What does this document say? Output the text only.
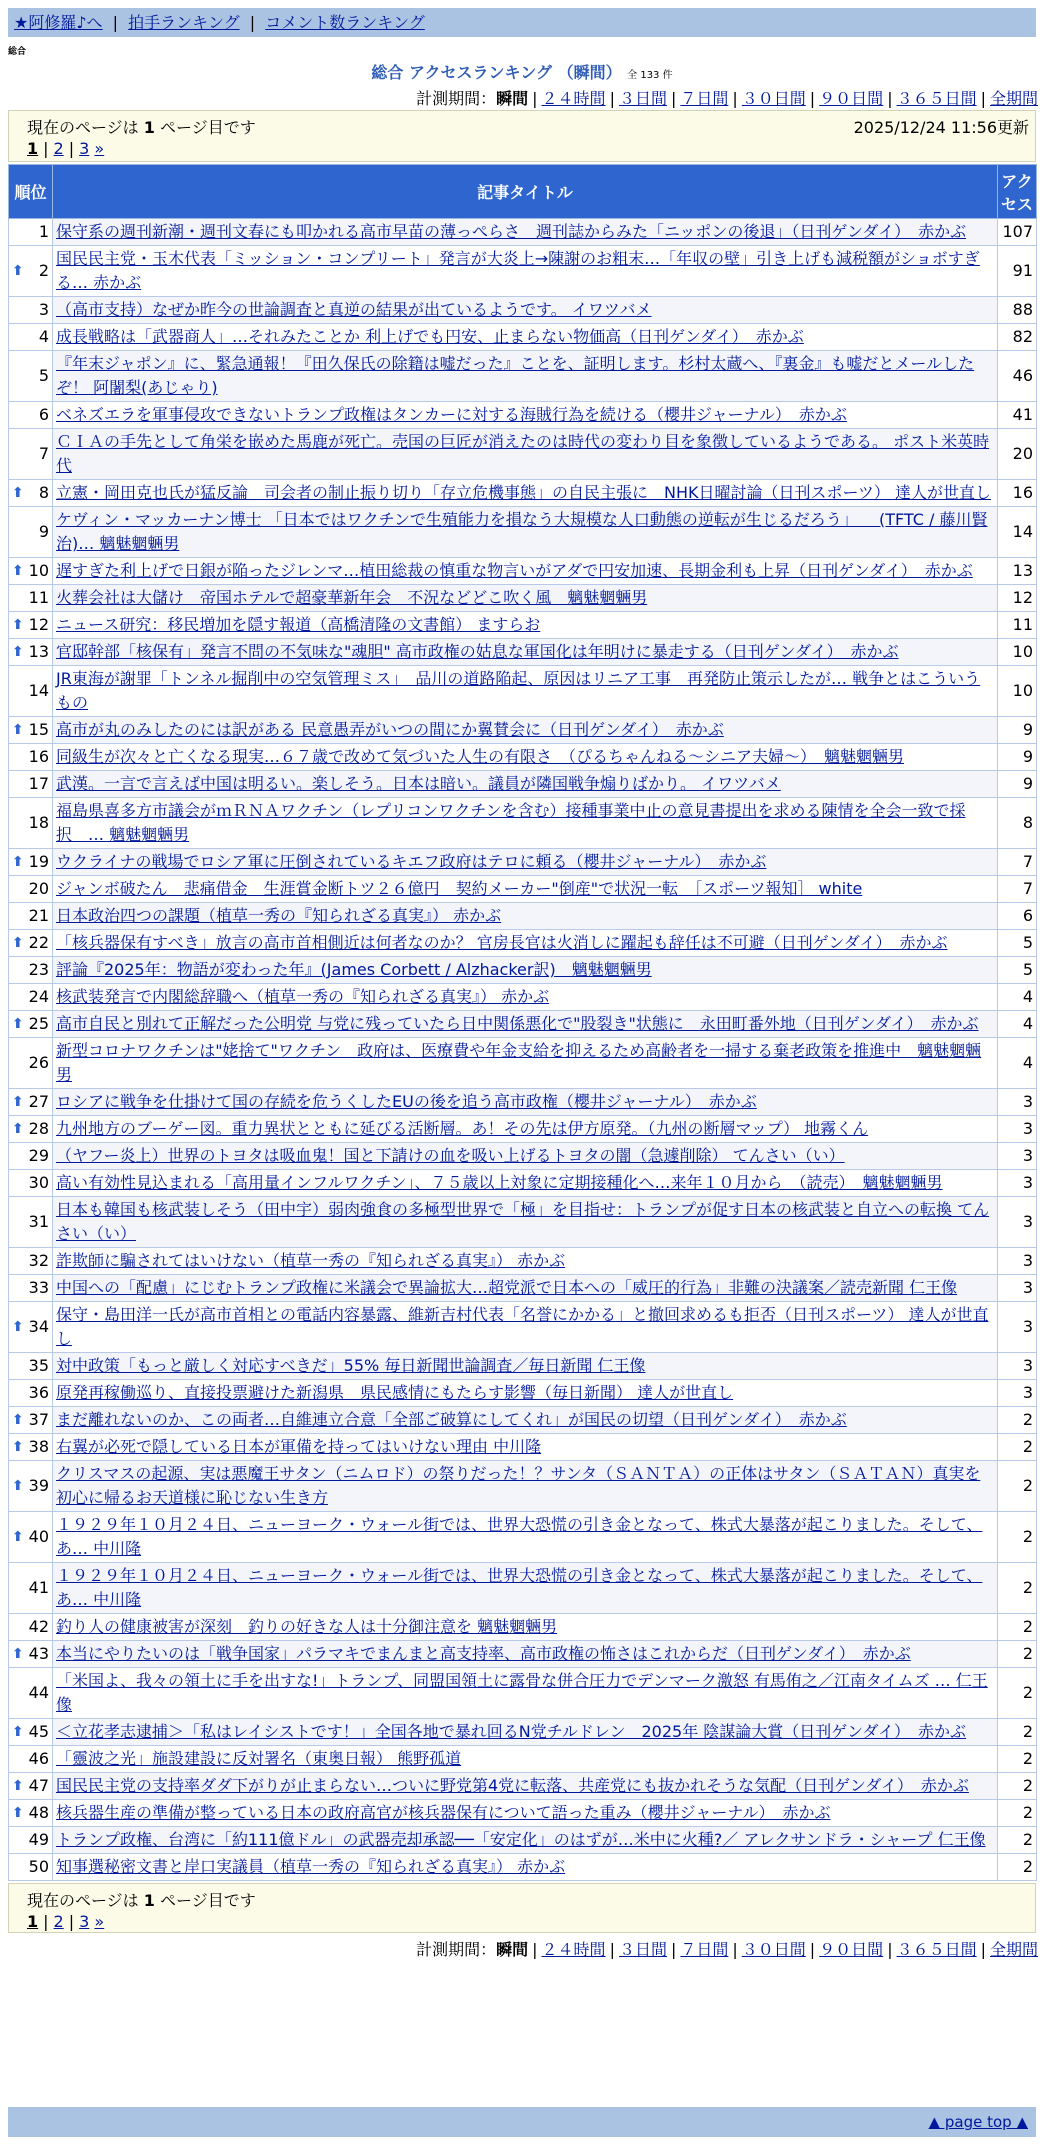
★阿修羅♪へ | 拍手ランキング | コメント数ランキング
総合
総合 アクセスランキング （瞬間） 全 133 件
計測期間：瞬間 | ２４時間 | ３日間 | ７日間 | ３０日間 | ９０日間 | ３６５日間 | 全期間
現在のページは 1 ページ目です	2025/12/24 11:56更新
1 | 2 | 3 »
順位	記事タイトル	アクセス
1	保守系の週刊新潮・週刊文春にも叩かれる高市早苗の薄っぺらさ　週刊誌からみた「ニッポンの後退」（日刊ゲンダイ）　赤かぶ	107

⬆ 2	国民民主党・玉木代表「ミッション・コンプリート」発言が大炎上→陳謝のお粗末…「年収の壁」引き上げも減税額がショボすぎる… 赤かぶ	91
3	（高市支持）なぜか昨今の世論調査と真逆の結果が出ているようです。 イワツバメ	88
4	成長戦略は「武器商人」…それみたことか 利上げでも円安、止まらない物価高（日刊ゲンダイ）　赤かぶ	82
5	『年末ジャポン』に、緊急通報！『田久保氏の除籍は嘘だった』ことを、証明します。杉村太蔵へ、『裏金』も嘘だとメールしたぞ！ 阿闍梨(あじゃり)	46
6	ベネズエラを軍事侵攻できないトランプ政権はタンカーに対する海賊行為を続ける（櫻井ジャーナル）　赤かぶ	41
7	ＣＩＡの手先として角栄を嵌めた馬鹿が死亡。売国の巨匠が消えたのは時代の変わり目を象徴しているようである。 ポスト米英時代	20

⬆ 8	立憲・岡田克也氏が猛反論　司会者の制止振り切り「存立危機事態」の自民主張に　NHK日曜討論（日刊スポーツ） 達人が世直し	16
9	ケヴィン・マッカーナン博士 「日本ではワクチンで生殖能力を損なう大規模な人口動態の逆転が生じるだろう」 　(TFTC / 藤川賢治)… 魑魅魍魎男	14

⬆ 10	遅すぎた利上げで日銀が陥ったジレンマ…植田総裁の慎重な物言いがアダで円安加速、長期金利も上昇（日刊ゲンダイ）　赤かぶ	13
11	火葬会社は大儲け　帝国ホテルで超豪華新年会　不況などどこ吹く風　魑魅魍魎男	12

⬆ 12	ニュース研究：移民増加を隠す報道（高橋清隆の文書館） ますらお	11

⬆ 13	官邸幹部「核保有」発言不問の不気味な"魂胆" 高市政権の姑息な軍国化は年明けに暴走する（日刊ゲンダイ）　赤かぶ	10
14	JR東海が謝罪「トンネル掘削中の空気管理ミス」　品川の道路陥起、原因はリニア工事　再発防止策示したが… 戦争とはこういうもの	10

⬆ 15	高市が丸のみしたのには訳がある 民意愚弄がいつの間にか翼賛会に（日刊ゲンダイ）　赤かぶ	9
16	同級生が次々と亡くなる現実…６７歳で改めて気づいた人生の有限さ　（ぴるちゃんねる〜シニア夫婦〜）　魑魅魍魎男	9
17	武漢。一言で言えば中国は明るい。楽しそう。日本は暗い。議員が隣国戦争煽りばかり。 イワツバメ	9
18	福島県喜多方市議会がｍＲＮＡワクチン（レプリコンワクチンを含む）接種事業中止の意見書提出を求める陳情を全会一致で採択　… 魑魅魍魎男	8

⬆ 19	ウクライナの戦場でロシア軍に圧倒されているキエフ政府はテロに頼る（櫻井ジャーナル）　赤かぶ	7
20	ジャンボ破たん　悲痛借金　生涯賞金断トツ２６億円　契約メーカー"倒産"で状況一転　［スポーツ報知］ white	7
21	日本政治四つの課題（植草一秀の『知られざる真実』） 赤かぶ	6

⬆ 22	「核兵器保有すべき」放言の高市首相側近は何者なのか？ 官房長官は火消しに躍起も辞任は不可避（日刊ゲンダイ）　赤かぶ	5
23	評論『2025年：物語が変わった年』(James Corbett / Alzhacker訳)　魑魅魍魎男	5
24	核武装発言で内閣総辞職へ（植草一秀の『知られざる真実』） 赤かぶ	4

⬆ 25	高市自民と別れて正解だった公明党 与党に残っていたら日中関係悪化で"股裂き"状態に　永田町番外地（日刊ゲンダイ）　赤かぶ	4
26	新型コロナワクチンは"姥捨て"ワクチン　政府は、医療費や年金支給を抑えるため高齢者を一掃する棄老政策を推進中　魑魅魍魎男	4

⬆ 27	ロシアに戦争を仕掛けて国の存続を危うくしたEUの後を追う高市政権（櫻井ジャーナル）　赤かぶ	3

⬆ 28	九州地方のブーゲー図。重力異状とともに延びる活断層。あ！その先は伊方原発。（九州の断層マップ） 地霧くん	3
29	（ヤフー炎上）世界のトヨタは吸血鬼！国と下請けの血を吸い上げるトヨタの闇（急遽削除） てんさい（い）	3
30	高い有効性見込まれる「高用量インフルワクチン」、７５歳以上対象に定期接種化へ…来年１０月から　（読売）　魑魅魍魎男	3
31	日本も韓国も核武装しそう（田中宇）弱肉強食の多極型世界で「極」を目指せ：トランプが促す日本の核武装と自立への転換 てんさい（い）	3
32	詐欺師に騙されてはいけない（植草一秀の『知られざる真実』） 赤かぶ	3
33	中国への「配慮」にじむトランプ政権に米議会で異論拡大…超党派で日本への「威圧的行為」非難の決議案／読売新聞 仁王像	3

⬆ 34	保守・島田洋一氏が高市首相との電話内容暴露、維新吉村代表「名誉にかかる」と撤回求めるも拒否（日刊スポーツ） 達人が世直し	3
35	対中政策「もっと厳しく対応すべきだ」55% 毎日新聞世論調査／毎日新聞 仁王像	3
36	原発再稼働巡り、直接投票避けた新潟県　県民感情にもたらす影響（毎日新聞） 達人が世直し	3

⬆ 37	まだ離れないのか、この両者…自維連立合意「全部ご破算にしてくれ」が国民の切望（日刊ゲンダイ）　赤かぶ	2

⬆ 38	右翼が必死で隠している日本が軍備を持ってはいけない理由 中川隆	2

⬆ 39	クリスマスの起源、実は悪魔王サタン（ニムロド）の祭りだった！？サンタ（ＳＡＮＴＡ）の正体はサタン（ＳＡＴＡＮ）真実を初心に帰るお天道様に恥じない生き方	2

⬆ 40	１９２９年１０月２４日、ニューヨーク・ウォール街では、世界大恐慌の引き金となって、株式大暴落が起こりました。そして、あ… 中川隆	2
41	１９２９年１０月２４日、ニューヨーク・ウォール街では、世界大恐慌の引き金となって、株式大暴落が起こりました。そして、あ… 中川隆	2
42	釣り人の健康被害が深刻　釣りの好きな人は十分御注意を 魑魅魍魎男	2

⬆ 43	本当にやりたいのは「戦争国家」パラマキでまんまと高支持率、高市政権の怖さはこれからだ（日刊ゲンダイ）　赤かぶ	2
44	「米国よ、我々の領土に手を出すな!」トランプ、同盟国領土に露骨な併合圧力でデンマーク激怒 有馬侑之／江南タイムズ … 仁王像	2

⬆ 45	＜立花孝志逮捕＞「私はレイシストです！」全国各地で暴れ回るN党チルドレン　2025年 陰謀論大賞（日刊ゲンダイ）　赤かぶ	2
46	「靈波之光」施設建設に反対署名（東奥日報） 熊野孤道	2

⬆ 47	国民民主党の支持率ダダ下がりが止まらない…ついに野党第4党に転落、共産党にも抜かれそうな気配（日刊ゲンダイ）　赤かぶ	2

⬆ 48	核兵器生産の準備が整っている日本の政府高官が核兵器保有について語った重み（櫻井ジャーナル）　赤かぶ	2
49	トランプ政権、台湾に「約111億ドル」の武器売却承認──「安定化」のはずが…米中に火種?／ アレクサンドラ・シャープ 仁王像	2
50	知事選秘密文書と岸口実議員（植草一秀の『知られざる真実』） 赤かぶ	2
現在のページは 1 ページ目です
1 | 2 | 3 »
計測期間：瞬間 | ２４時間 | ３日間 | ７日間 | ３０日間 | ９０日間 | ３６５日間 | 全期間
▲ page top ▲
